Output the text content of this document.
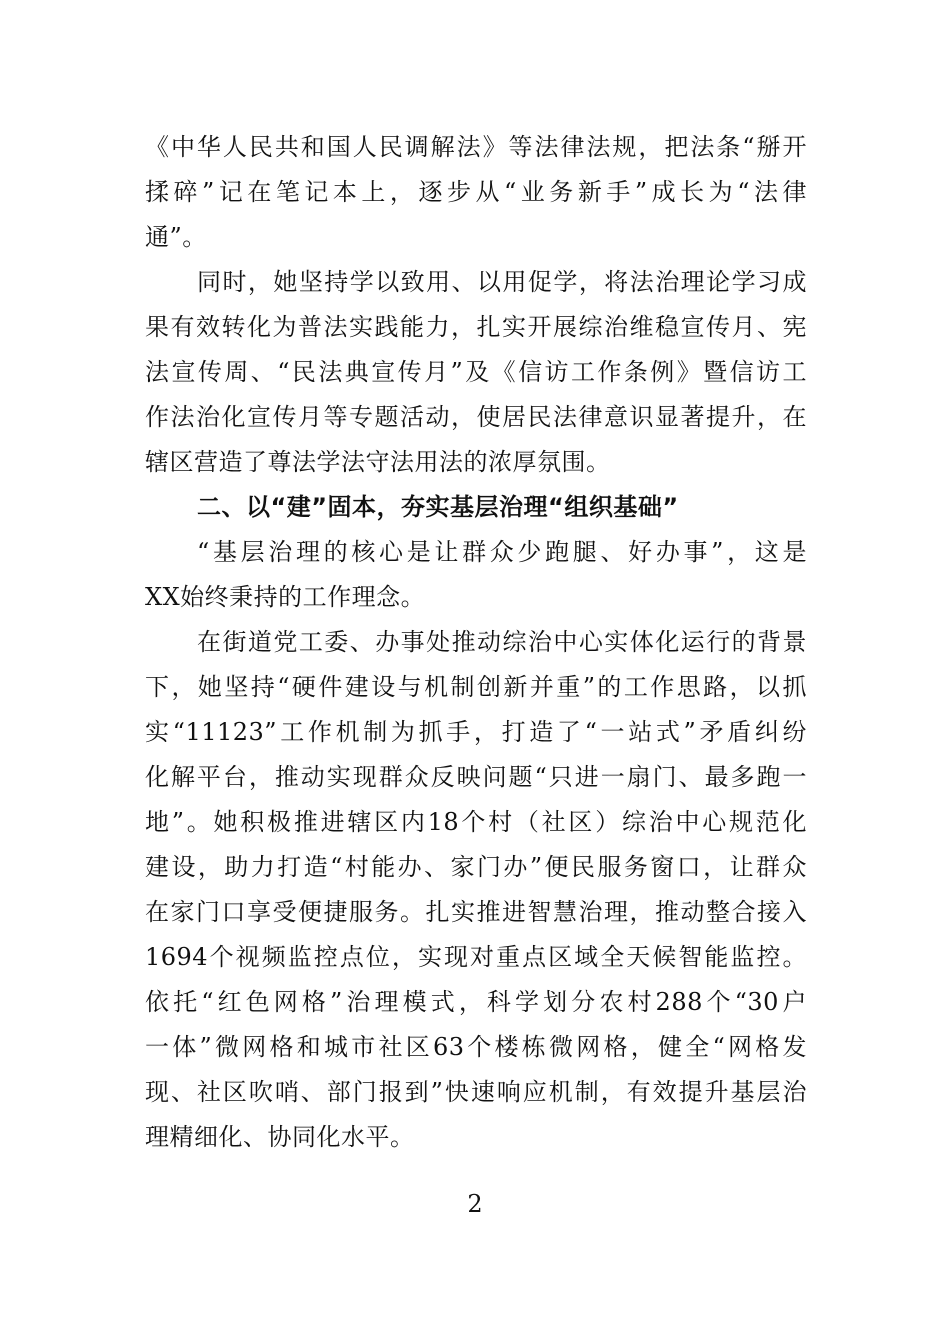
《中华人民共和国人民调解法》等法律法规，把法条“掰开
揉碎”记在笔记本上，逐步从“业务新手”成长为“法律
通”。
同时，她坚持学以致用、以用促学，将法治理论学习成
果有效转化为普法实践能力，扎实开展综治维稳宣传月、宪
法宣传周、“民法典宣传月”及《信访工作条例》暨信访工
作法治化宣传月等专题活动，使居民法律意识显著提升，在
辖区营造了尊法学法守法用法的浓厚氛围。
二、以“建”固本，夯实基层治理“组织基础”
“基层治理的核心是让群众少跑腿、好办事”，这是
XX始终秉持的工作理念。
在街道党工委、办事处推动综治中心实体化运行的背景
下，她坚持“硬件建设与机制创新并重”的工作思路，以抓
实“11123”工作机制为抓手，打造了“一站式”矛盾纠纷
化解平台，推动实现群众反映问题“只进一扇门、最多跑一
地”。她积极推进辖区内18个村（社区）综治中心规范化
建设，助力打造“村能办、家门办”便民服务窗口，让群众
在家门口享受便捷服务。扎实推进智慧治理，推动整合接入
1694个视频监控点位，实现对重点区域全天候智能监控。
依托“红色网格”治理模式，科学划分农村288个“30户
一体”微网格和城市社区63个楼栋微网格，健全“网格发
现、社区吹哨、部门报到”快速响应机制，有效提升基层治
理精细化、协同化水平。
2
